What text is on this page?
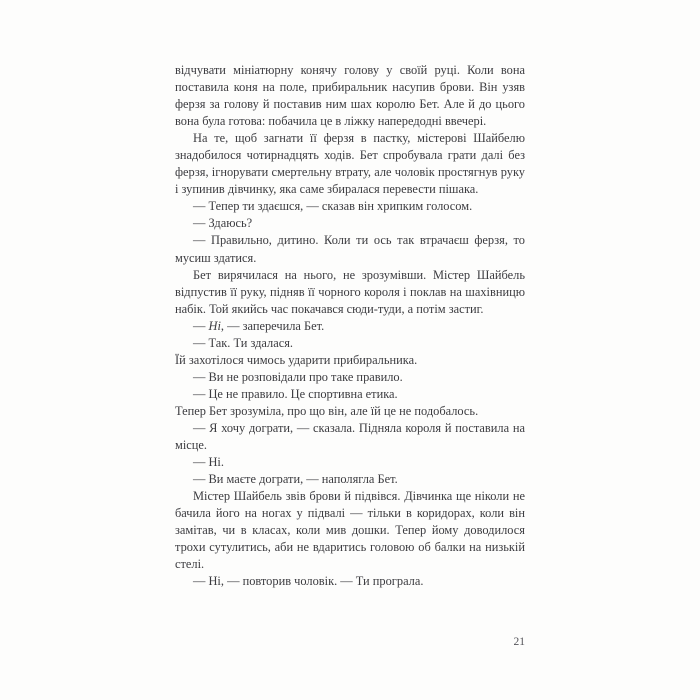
відчувати мініатюрну конячу голову у своїй руці. Коли вона поставила коня на поле, прибиральник насупив брови. Він узяв ферзя за голову й поставив ним шах королю Бет. Але й до цього вона була готова: побачила це в ліжку напередодні ввечері.

На те, щоб загнати її ферзя в пастку, містерові Шайбелю знадобилося чотирнадцять ходів. Бет спробувала грати далі без ферзя, ігнорувати смертельну втрату, але чоловік простягнув руку і зупинив дівчинку, яка саме збиралася перевести пішака.

— Тепер ти здаєшся, — сказав він хрипким голосом.

— Здаюсь?

— Правильно, дитино. Коли ти ось так втрачаєш ферзя, то мусиш здатися.

Бет вирячилася на нього, не зрозумівши. Містер Шайбель відпустив її руку, підняв її чорного короля і поклав на шахівницю набік. Той якийсь час покачався сюди-туди, а потім застиг.

— Ні, — заперечила Бет.

— Так. Ти здалася.

Їй захотілося чимось ударити прибиральника.

— Ви не розповідали про таке правило.

— Це не правило. Це спортивна етика.

Тепер Бет зрозуміла, про що він, але їй це не подобалось.

— Я хочу дограти, — сказала. Підняла короля й поставила на місце.

— Ні.

— Ви маєте дограти, — наполягла Бет.

Містер Шайбель звів брови й підвівся. Дівчинка ще ніколи не бачила його на ногах у підвалі — тільки в коридорах, коли він замітав, чи в класах, коли мив дошки. Тепер йому доводилося трохи сутулитись, аби не вдаритись головою об балки на низькій стелі.

— Ні, — повторив чоловік. — Ти програла.

21
